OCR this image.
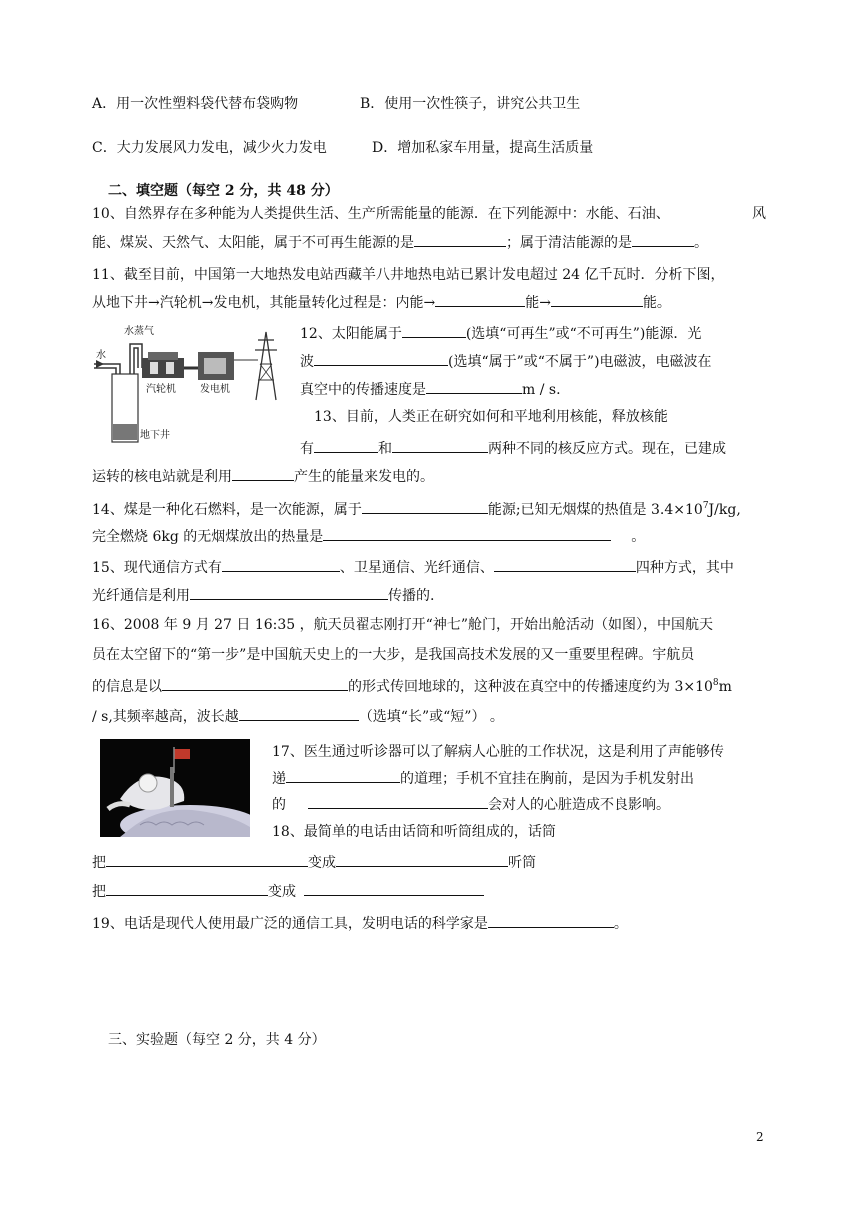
A．用一次性塑料袋代替布袋购物	B．使用一次性筷子，讲究公共卫生
C．大力发展风力发电，减少火力发电	D．增加私家车用量，提高生活质量
二、填空题（每空 2 分，共 48 分）
10、自然界存在多种能为人类提供生活、生产所需能量的能源．在下列能源中：水能、石油、	风
能、煤炭、天然气、太阳能，属于不可再生能源的是	；属于清洁能源的是	。
11、截至目前，中国第一大地热发电站西藏羊八井地热电站已累计发电超过 24 亿千瓦时．分析下图，
从地下井→汽轮机→发电机，其能量转化过程是：内能→	能→	能。
水蒸气
水
汽轮机 发电机
地下井
12、太阳能属于	(选填“可再生”或“不可再生”)能源．光
波	(选填“属于”或“不属于”)电磁波，电磁波在
真空中的传播速度是	m / s.
13、目前，人类正在研究如何和平地利用核能，释放核能
有	和	两种不同的核反应方式。现在，已建成
运转的核电站就是利用	产生的能量来发电的。
14、煤是一种化石燃料，是一次能源，属于	能源;已知无烟煤的热值是 $3.4\times 10^7J/kg$,
完全燃烧 6kg 的无烟煤放出的热量是	。
15、现代通信方式有	、卫星通信、光纤通信、	四种方式，其中
光纤通信是利用	传播的.
16、2008 年 9 月 27 日 16:35 ，航天员翟志刚打开“神七”舱门，开始出舱活动（如图），中国航天
员在太空留下的“第一步”是中国航天史上的一大步，是我国高技术发展的又一重要里程碑。宇航员
的信息是以	的形式传回地球的，这种波在真空中的传播速度约为 $3\times 10^8m$
/ s,其频率越高，波长越	（选填“长”或“短”） 。
17、医生通过听诊器可以了解病人心脏的工作状况，这是利用了声能够传
递	的道理；手机不宜挂在胸前，是因为手机发射出
的	会对人的心脏造成不良影响。
18、最简单的电话由话筒和听筒组成的，话筒
把	变成	听筒
把	变成
19、电话是现代人使用最广泛的通信工具，发明电话的科学家是	。
三、实验题（每空 2 分，共 4 分）
2
